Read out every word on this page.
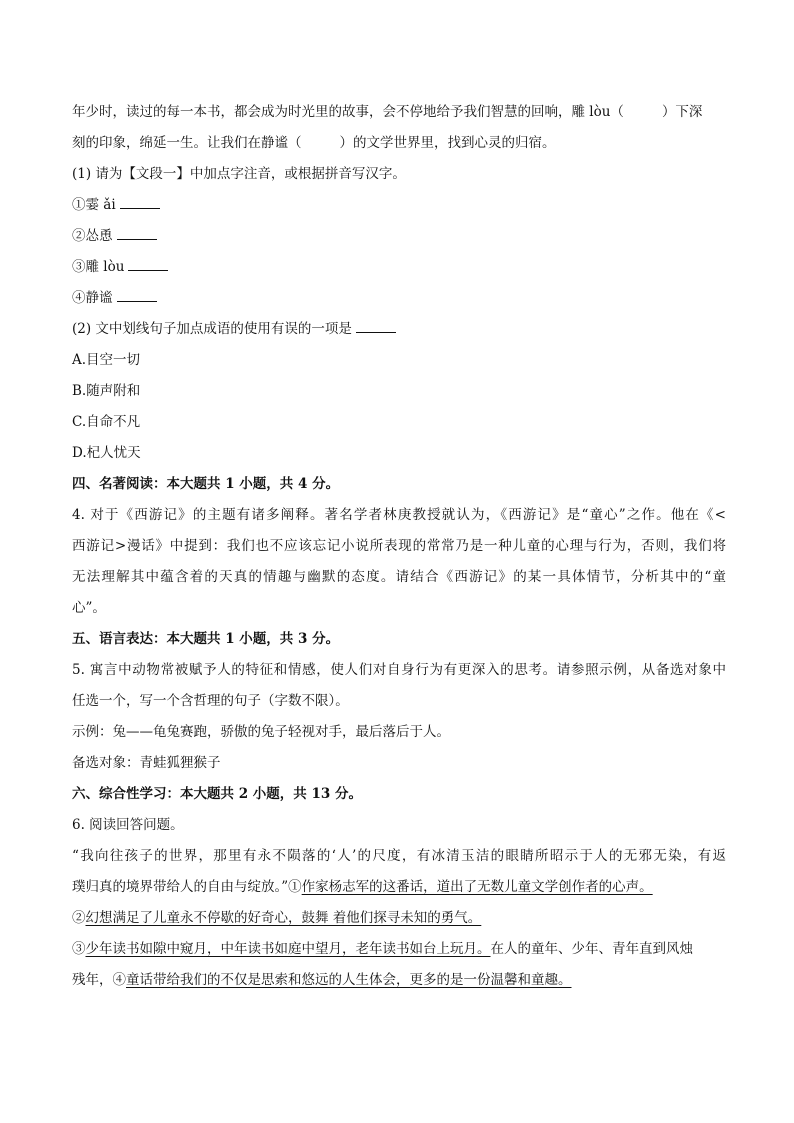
年少时，读过的每一本书，都会成为时光里的故事，会不停地给予我们智慧的回响，雕 lòu（	）下深
刻的印象，绵延一生。让我们在静谧（	）的文学世界里，找到心灵的归宿。
(1) 请为【文段一】中加点字注音，或根据拼音写汉字。
①霎 ǎi
②怂恿
③雕 lòu
④静谧
(2) 文中划线句子加点成语的使用有误的一项是
A.目空一切
B.随声附和
C.自命不凡
D.杞人忧天
四、名著阅读：本大题共 1 小题，共 4 分。
4. 对于《西游记》的主题有诸多阐释。著名学者林庚教授就认为，《西游记》是“童心”之作。他在《<
西游记>漫话》中提到：我们也不应该忘记小说所表现的常常乃是一种儿童的心理与行为，否则，我们将
无法理解其中蕴含着的天真的情趣与幽默的态度。请结合《西游记》的某一具体情节，分析其中的“童
心”。
五、语言表达：本大题共 1 小题，共 3 分。
5. 寓言中动物常被赋予人的特征和情感，使人们对自身行为有更深入的思考。请参照示例，从备选对象中
任选一个，写一个含哲理的句子（字数不限）。
示例：兔——龟兔赛跑，骄傲的兔子轻视对手，最后落后于人。
备选对象：青蛙狐狸猴子
六、综合性学习：本大题共 2 小题，共 13 分。
6. 阅读回答问题。
“我向往孩子的世界，那里有永不陨落的‘人’的尺度，有冰清玉洁的眼睛所昭示于人的无邪无染，有返
璞归真的境界带给人的自由与绽放。”①作家杨志军的这番话，道出了无数儿童文学创作者的心声。
②幻想满足了儿童永不停歇的好奇心，鼓舞 着他们探寻未知的勇气。
③少年读书如隙中窥月，中年读书如庭中望月，老年读书如台上玩月。在人的童年、少年、青年直到风烛
残年，④童话带给我们的不仅是思索和悠远的人生体会，更多的是一份温馨和童趣。
